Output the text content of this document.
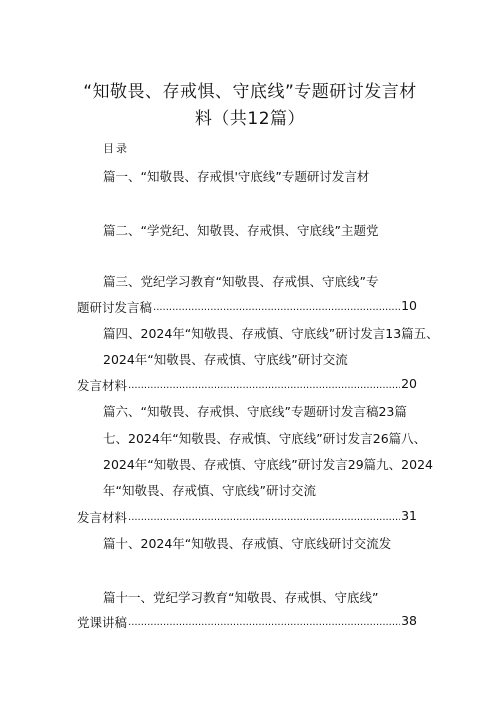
“知敬畏、存戒惧、守底线”专题研讨发言材
料（共12篇）
目录
篇一、“知敬畏、存戒惧'守底线”专题研讨发言材
篇二、“学党纪、知敬畏、存戒惧、守底线”主题党
篇三、党纪学习教育“知敬畏、存戒惧、守底线”专
题研讨发言稿 .....	10
篇四、2024年“知敬畏、存戒慎、守底线”研讨发言13篇五、
2024年“知敬畏、存戒慎、守底线”研讨交流
发言材料 .....	20
篇六、“知敬畏、存戒惧、守底线”专题研讨发言稿23篇
七、2024年“知敬畏、存戒慎、守底线”研讨发言26篇八、
2024年“知敬畏、存戒慎、守底线”研讨发言29篇九、2024
年“知敬畏、存戒慎、守底线”研讨交流
发言材料 .....	31
篇十、2024年“知敬畏、存戒慎、守底线研讨交流发
篇十一、党纪学习教育“知敬畏、存戒惧、守底线”
党课讲稿 .....	38
